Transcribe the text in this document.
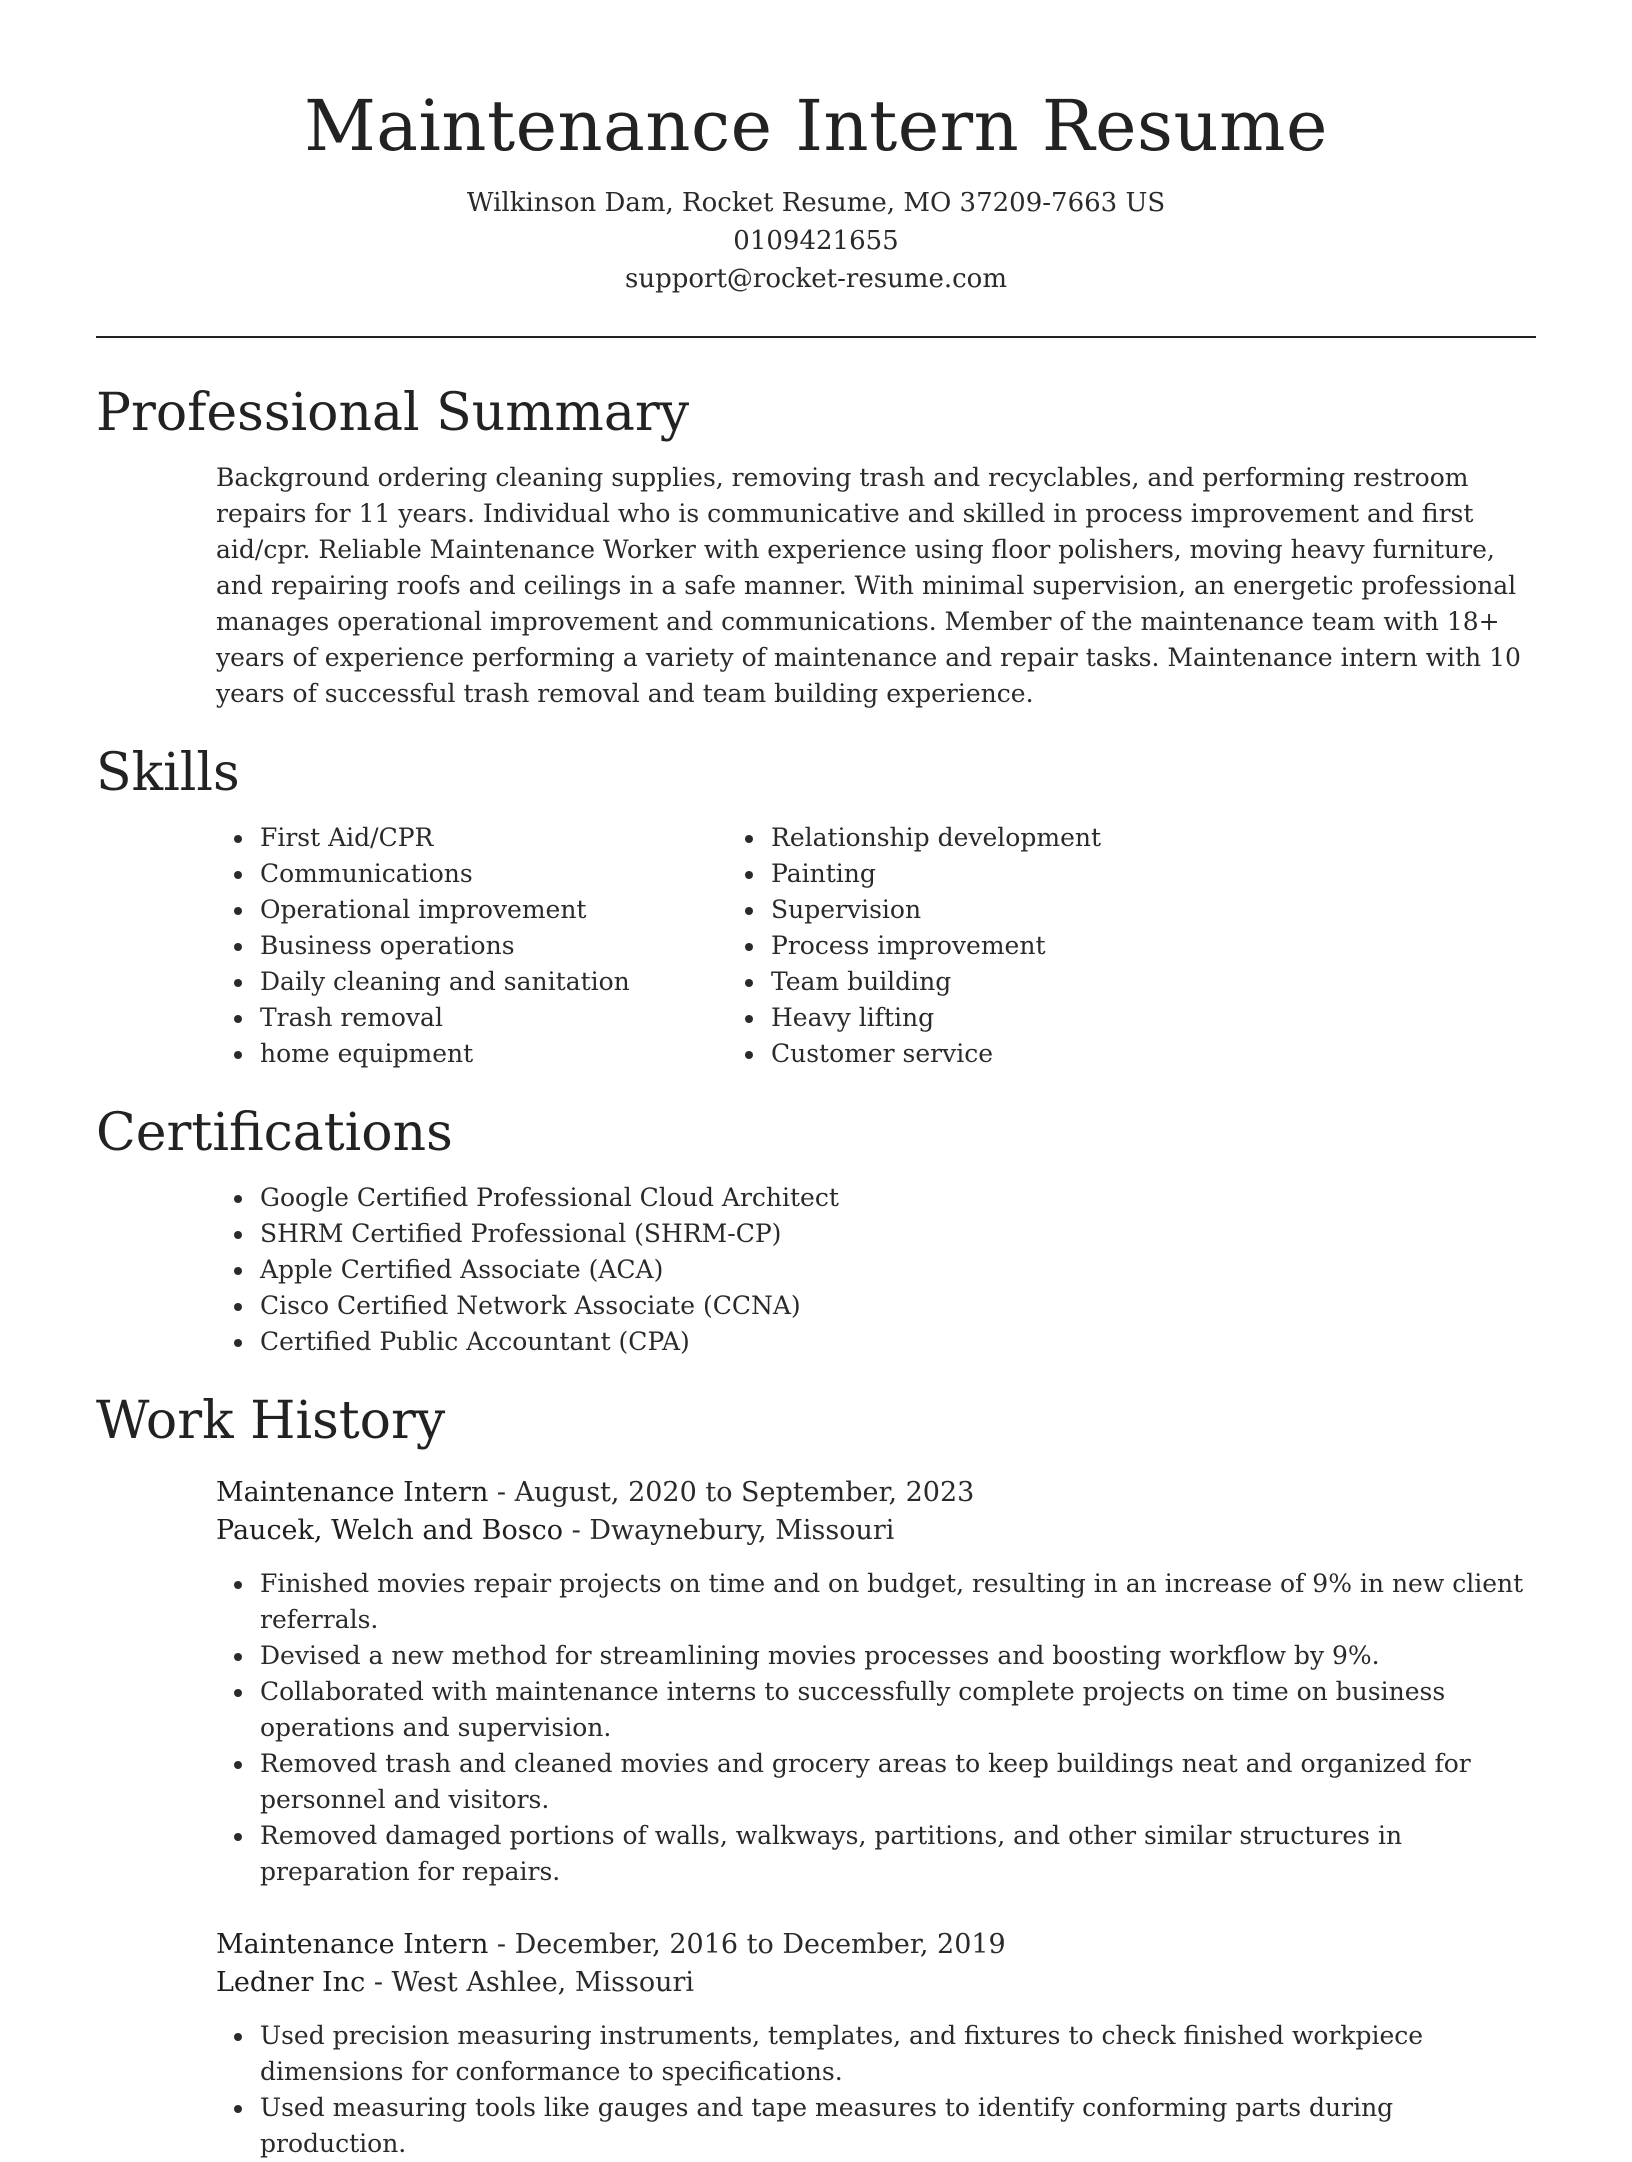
Maintenance Intern Resume
Wilkinson Dam, Rocket Resume, MO 37209-7663 US
0109421655
support@rocket-resume.com
Professional Summary

Background ordering cleaning supplies, removing trash and recyclables, and performing restroom repairs for 11 years. Individual who is communicative and skilled in process improvement and first aid/cpr. Reliable Maintenance Worker with experience using floor polishers, moving heavy furniture, and repairing roofs and ceilings in a safe manner. With minimal supervision, an energetic professional manages operational improvement and communications. Member of the maintenance team with 18+ years of experience performing a variety of maintenance and repair tasks. Maintenance intern with 10 years of successful trash removal and team building experience.

Skills
First Aid/CPR
Communications
Operational improvement
Business operations
Daily cleaning and sanitation
Trash removal
home equipment
Relationship development
Painting
Supervision
Process improvement
Team building
Heavy lifting
Customer service
Certifications
Google Certified Professional Cloud Architect
SHRM Certified Professional (SHRM-CP)
Apple Certified Associate (ACA)
Cisco Certified Network Associate (CCNA)
Certified Public Accountant (CPA)
Work History
Maintenance Intern - August, 2020 to September, 2023
Paucek, Welch and Bosco - Dwaynebury, Missouri
Finished movies repair projects on time and on budget, resulting in an increase of 9% in new client referrals.
Devised a new method for streamlining movies processes and boosting workflow by 9%.
Collaborated with maintenance interns to successfully complete projects on time on business operations and supervision.
Removed trash and cleaned movies and grocery areas to keep buildings neat and organized for personnel and visitors.
Removed damaged portions of walls, walkways, partitions, and other similar structures in preparation for repairs.
Maintenance Intern - December, 2016 to December, 2019
Ledner Inc - West Ashlee, Missouri
Used precision measuring instruments, templates, and fixtures to check finished workpiece dimensions for conformance to specifications.
Used measuring tools like gauges and tape measures to identify conforming parts during production.
